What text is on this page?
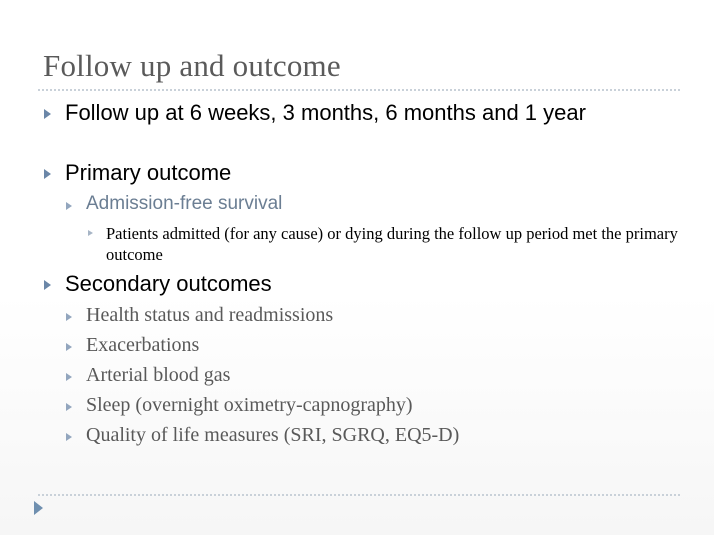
Follow up and outcome
Follow up at 6 weeks, 3 months, 6 months and 1 year
Primary outcome
Admission-free survival
Patients admitted (for any cause) or dying during the follow up period met the primary outcome
Secondary outcomes
Health status and readmissions
Exacerbations
Arterial blood gas
Sleep (overnight oximetry-capnography)
Quality of life measures (SRI, SGRQ, EQ5-D)
